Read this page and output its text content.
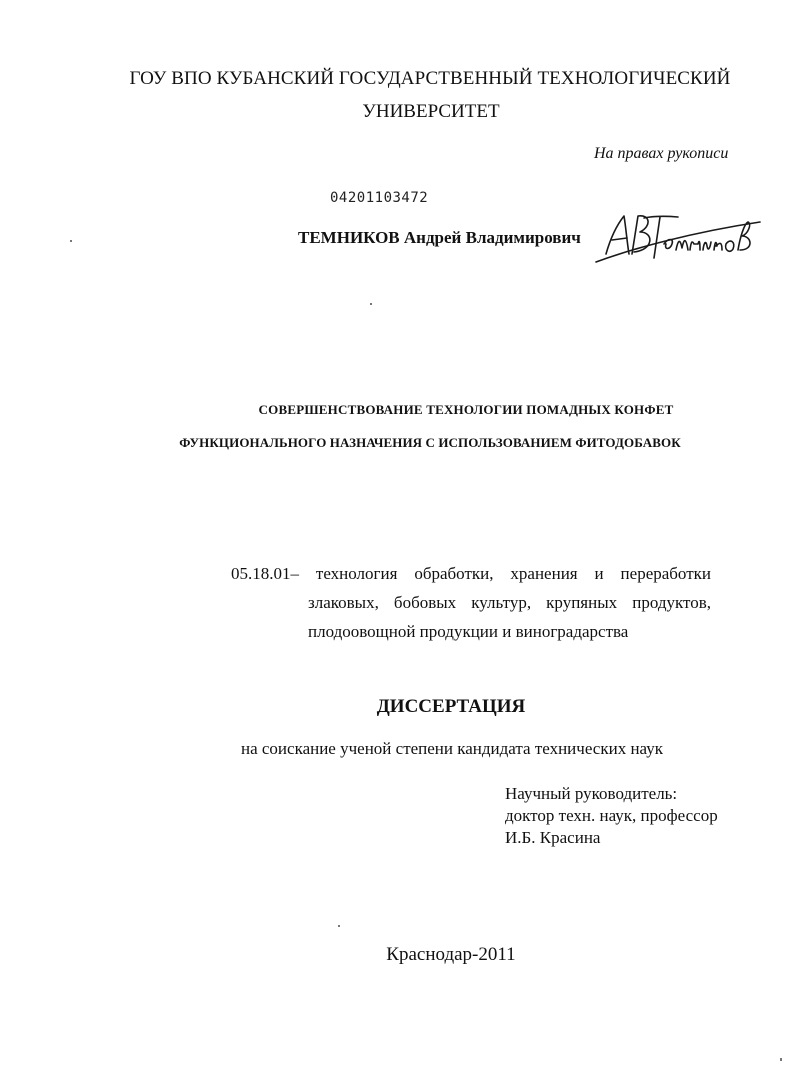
ГОУ ВПО КУБАНСКИЙ ГОСУДАРСТВЕННЫЙ ТЕХНОЛОГИЧЕСКИЙ
УНИВЕРСИТЕТ
На правах рукописи
04201103472
ТЕМНИКОВ Андрей Владимирович
СОВЕРШЕНСТВОВАНИЕ ТЕХНОЛОГИИ ПОМАДНЫХ КОНФЕТ
ФУНКЦИОНАЛЬНОГО НАЗНАЧЕНИЯ С ИСПОЛЬЗОВАНИЕМ ФИТОДОБАВОК
05.18.01– технология обработки, хранения и переработки
злаковых, бобовых культур, крупяных продуктов,
плодоовощной продукции и виноградарства
ДИССЕРТАЦИЯ
на соискание ученой степени кандидата технических наук
Научный руководитель:
доктор техн. наук, профессор
И.Б. Красина
Краснодар-2011
